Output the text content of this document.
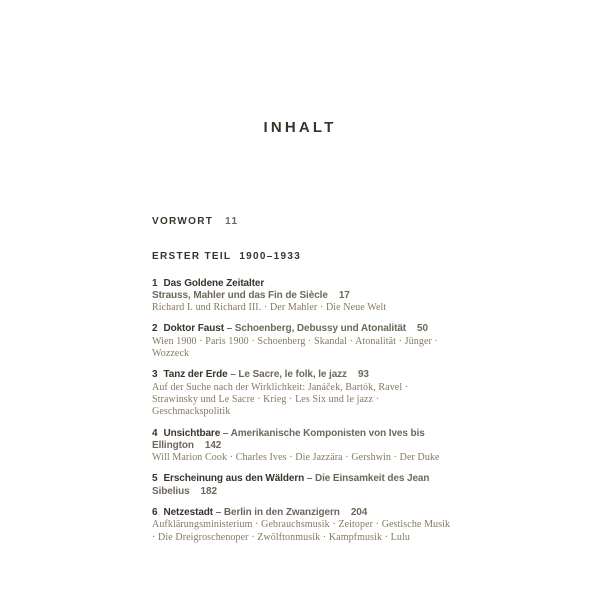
INHALT

VORWORT 11

ERSTER TEIL 1900–1933

1 Das Goldene Zeitalter
Strauss, Mahler und das Fin de Siècle 17

Richard I. und Richard III. · Der Mahler · Die Neue Welt

2 Doktor Faust – Schoenberg, Debussy und Atonalität 50

Wien 1900 · Paris 1900 · Schoenberg · Skandal · Atonalität · Jünger · Wozzeck

3 Tanz der Erde – Le Sacre, le folk, le jazz 93

Auf der Suche nach der Wirklichkeit: Janáček, Bartók, Ravel · Strawinsky und Le Sacre · Krieg · Les Six und le jazz · Geschmackspolitik

4 Unsichtbare – Amerikanische Komponisten von Ives bis Ellington 142

Will Marion Cook · Charles Ives · Die Jazzära · Gershwin · Der Duke

5 Erscheinung aus den Wäldern – Die Einsamkeit des Jean Sibelius 182

6 Netzestadt – Berlin in den Zwanzigern 204

Aufklärungsministerium · Gebrauchsmusik · Zeitoper · Gestische Musik · Die Dreigroschenoper · Zwölftonmusik · Kampfmusik · Lulu
